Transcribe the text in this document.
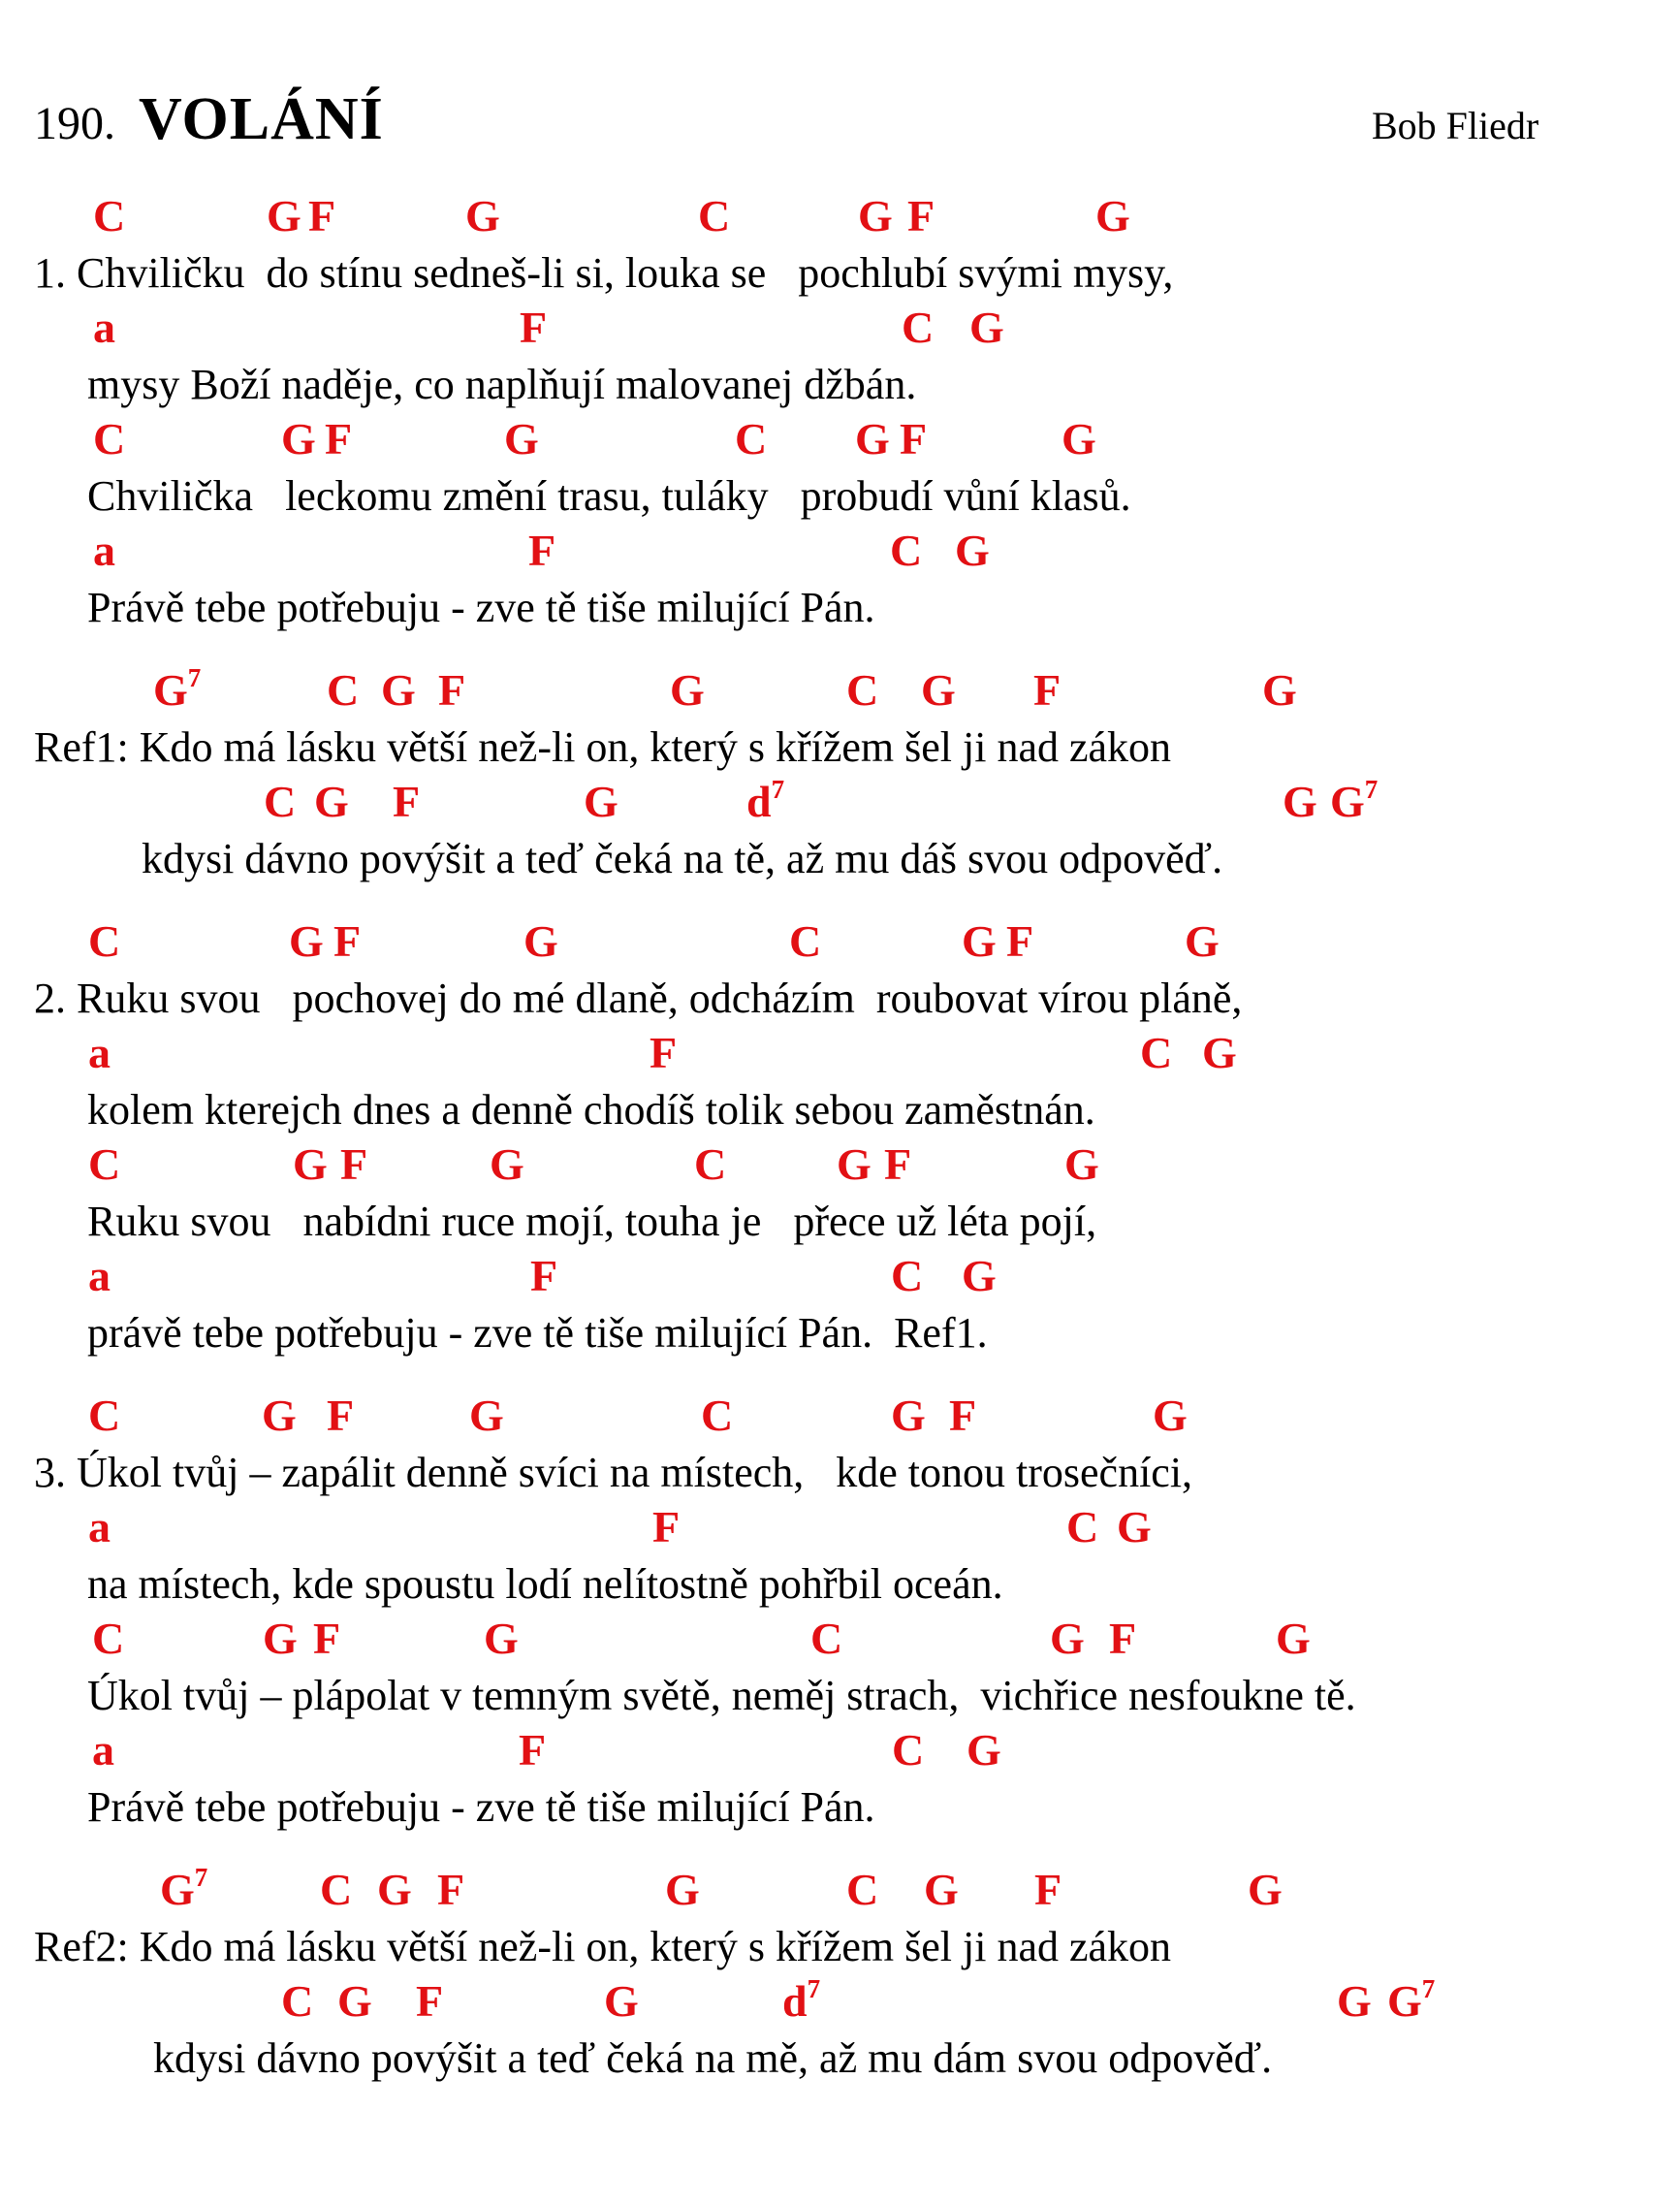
190. VOLÁNÍ	Bob Fliedr
C	G F	G	C	G F	G
1. Chviličku  do stínu sedneš-li si, louka se   pochlubí svými mysy,
a	F	C G
mysy Boží naděje, co naplňují malovanej džbán.
C	G F	G	C G F	G
Chvilička   leckomu změní trasu, tuláky   probudí vůní klasů.
a	F	C G
Právě tebe potřebuju - zve tě tiše milující Pán.
$G^7$	C G F	G	C G F	G
Ref1: Kdo má lásku větší než-li on, který s křížem šel ji nad zákon
C G F	G	$d^7$	G $G^7$
kdysi dávno povýšit a teď čeká na tě, až mu dáš svou odpověď.
C	G F	G	C	G F	G
2. Ruku svou   pochovej do mé dlaně, odcházím  roubovat vírou pláně,
a	F	C G
kolem kterejch dnes a denně chodíš tolik sebou zaměstnán.
C	G F	G	C G F	G
Ruku svou   nabídni ruce mojí, touha je   přece už léta pojí,
a	F	C G
právě tebe potřebuju - zve tě tiše milující Pán.  Ref1.
C	G F	G	C	G F	G
3. Úkol tvůj – zapálit denně svíci na místech,   kde tonou trosečníci,
a	F	C G
na místech, kde spoustu lodí nelítostně pohřbil oceán.
C	G F	G	C	G F	G
Úkol tvůj – plápolat v temným světě, neměj strach,  vichřice nesfoukne tě.
a	F	C G
Právě tebe potřebuju - zve tě tiše milující Pán.
$G^7$	C G F	G	C G F	G
Ref2: Kdo má lásku větší než-li on, který s křížem šel ji nad zákon
C G F	G	$d^7$	G $G^7$
kdysi dávno povýšit a teď čeká na mě, až mu dám svou odpověď.
